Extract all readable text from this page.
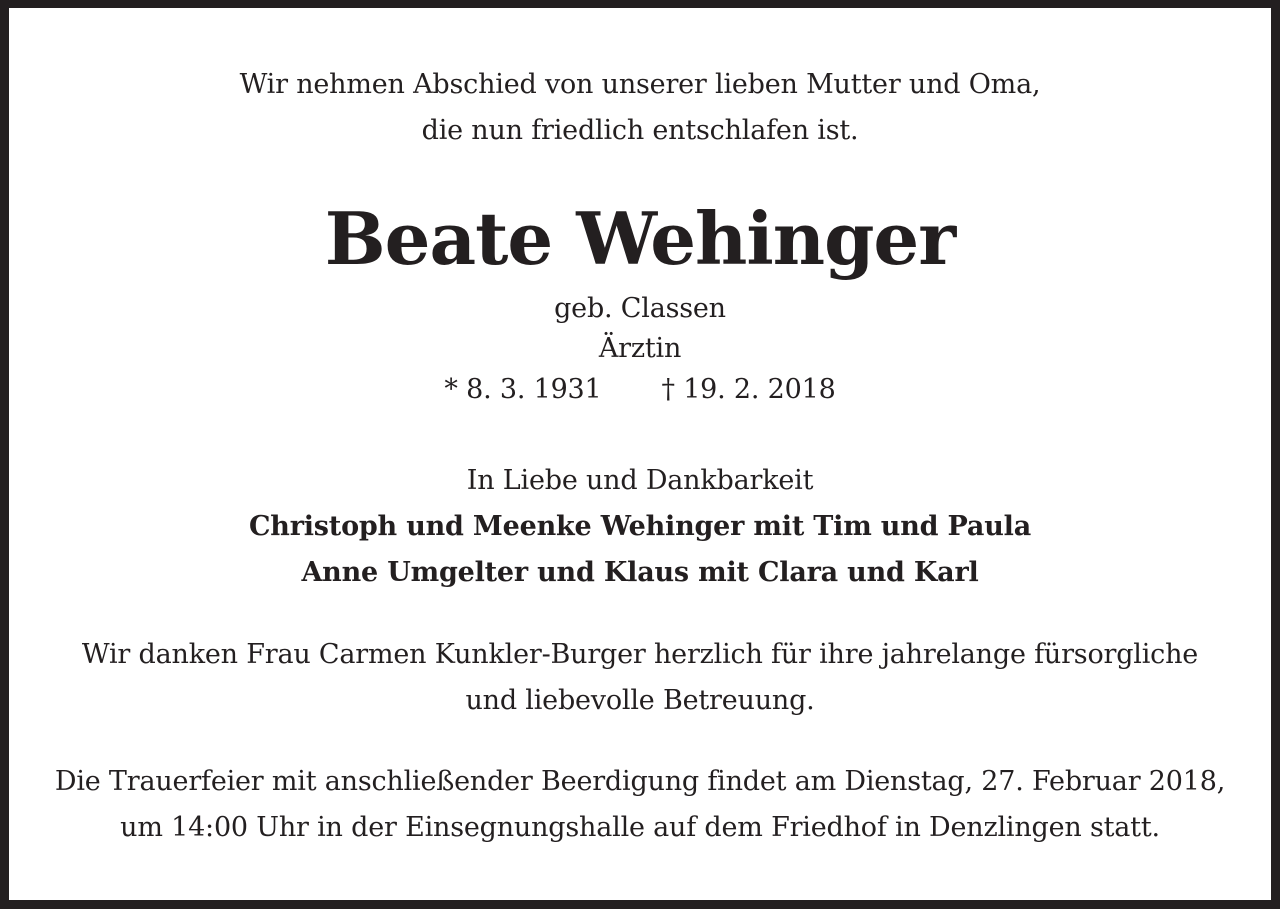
Wir nehmen Abschied von unserer lieben Mutter und Oma,
die nun friedlich entschlafen ist.
Beate Wehinger
geb. Classen
Ärztin
* 8. 3. 1931 † 19. 2. 2018
In Liebe und Dankbarkeit
Christoph und Meenke Wehinger mit Tim und Paula
Anne Umgelter und Klaus mit Clara und Karl
Wir danken Frau Carmen Kunkler-Burger herzlich für ihre jahrelange fürsorgliche
und liebevolle Betreuung.
Die Trauerfeier mit anschließender Beerdigung findet am Dienstag, 27. Februar 2018,
um 14:00 Uhr in der Einsegnungshalle auf dem Friedhof in Denzlingen statt.
